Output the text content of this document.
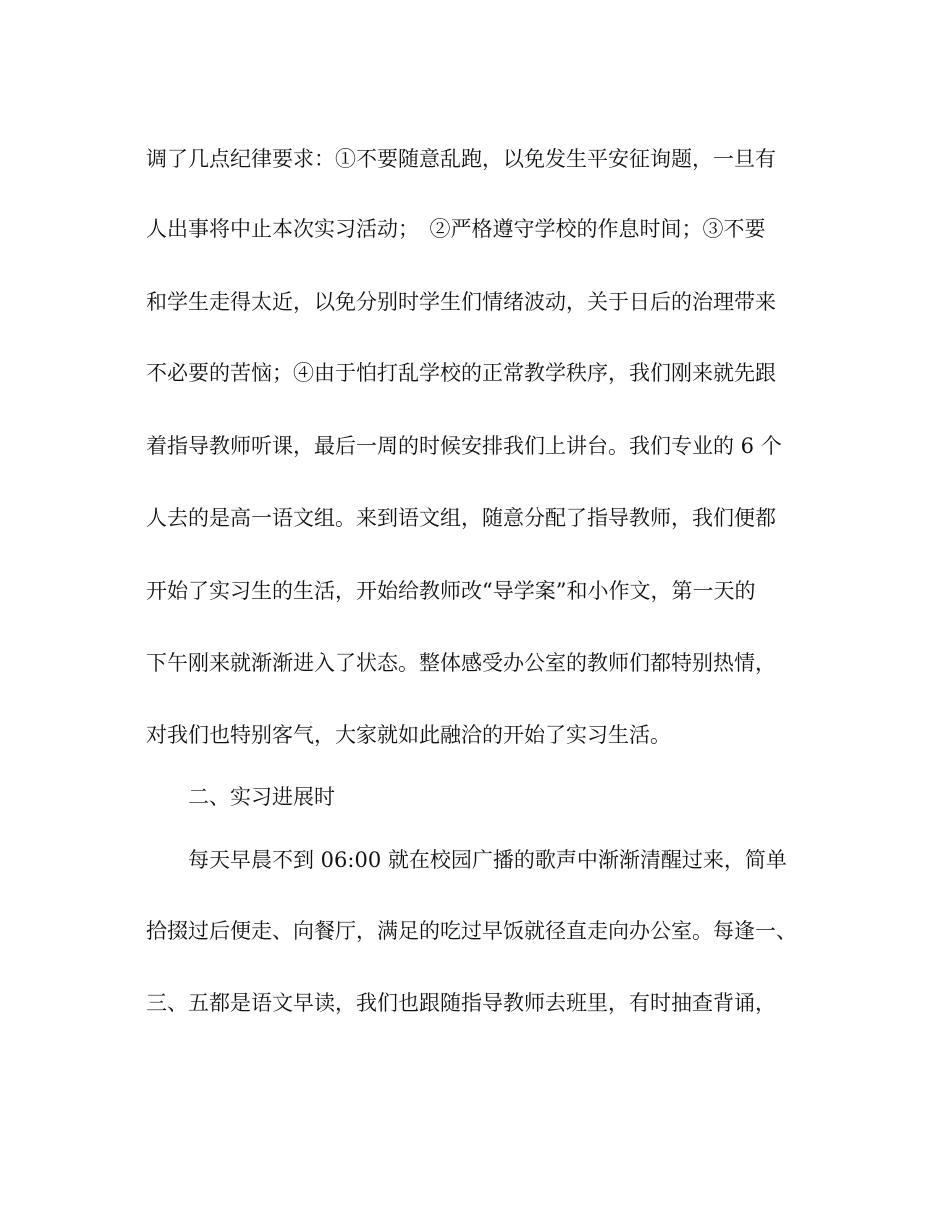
调了几点纪律要求：①不要随意乱跑，以免发生平安征询题，一旦有

人出事将中止本次实习活动；　②严格遵守学校的作息时间；③不要

和学生走得太近，以免分别时学生们情绪波动，关于日后的治理带来

不必要的苦恼；④由于怕打乱学校的正常教学秩序，我们刚来就先跟

着指导教师听课，最后一周的时候安排我们上讲台。我们专业的 6 个

人去的是高一语文组。来到语文组，随意分配了指导教师，我们便都

开始了实习生的生活，开始给教师改“导学案”和小作文，第一天的

下午刚来就渐渐进入了状态。整体感受办公室的教师们都特别热情，

对我们也特别客气，大家就如此融洽的开始了实习生活。

二、实习进展时

每天早晨不到 06:00 就在校园广播的歌声中渐渐清醒过来，简单

拾掇过后便走、向餐厅，满足的吃过早饭就径直走向办公室。每逢一、

三、五都是语文早读，我们也跟随指导教师去班里，有时抽查背诵，
